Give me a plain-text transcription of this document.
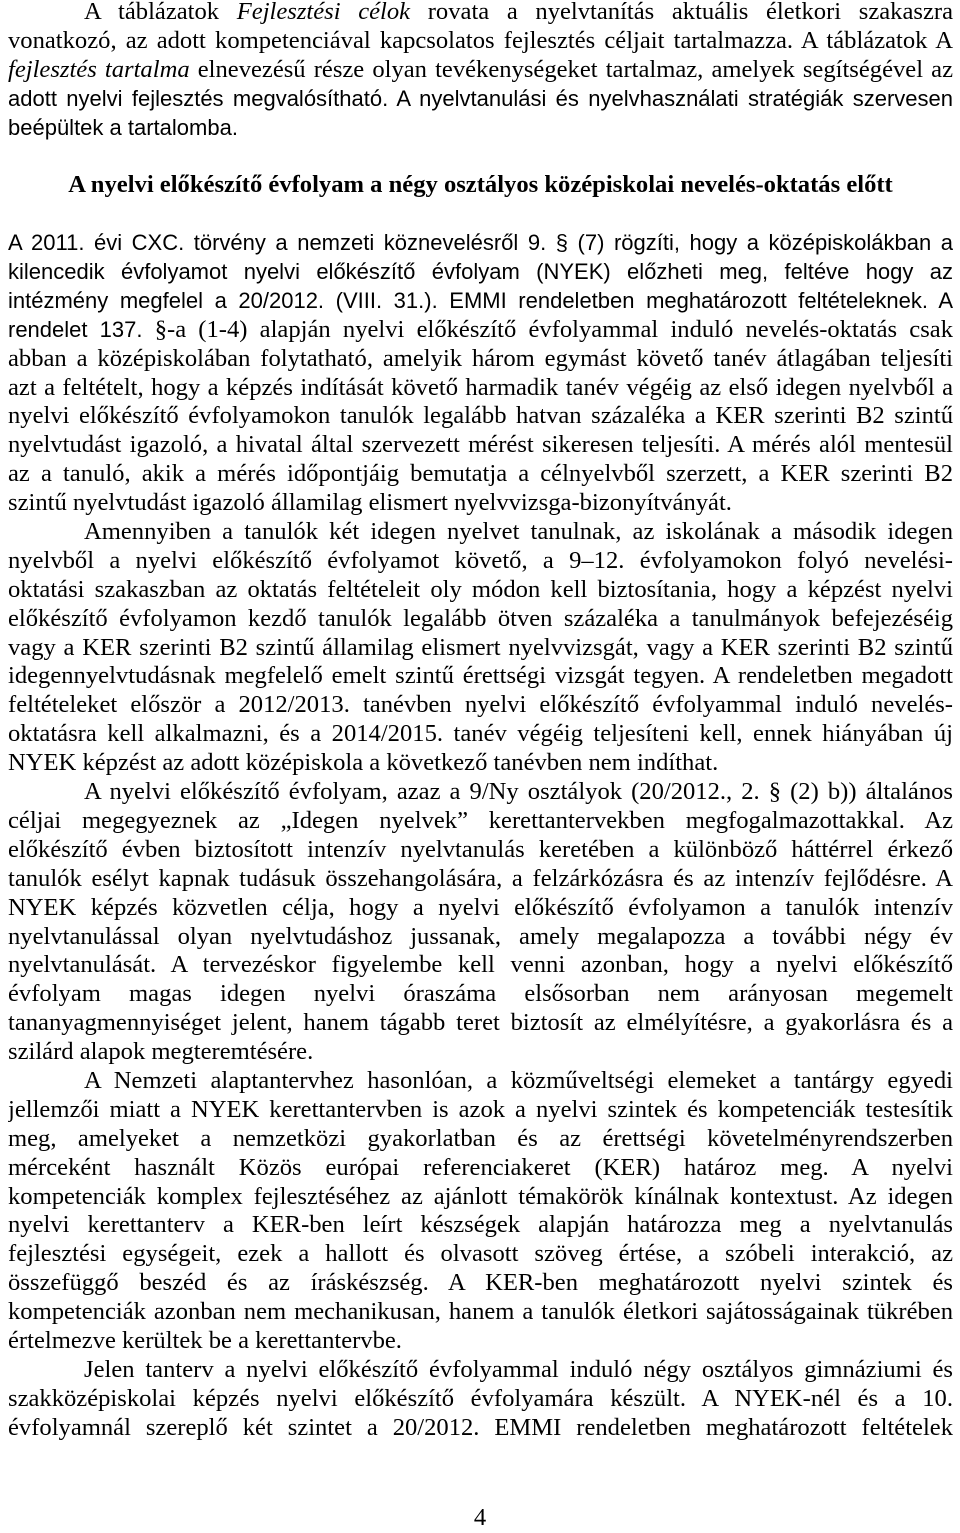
A táblázatok Fejlesztési célok rovata a nyelvtanítás aktuális életkori szakaszra
vonatkozó, az adott kompetenciával kapcsolatos fejlesztés céljait tartalmazza. A táblázatok A
fejlesztés tartalma elnevezésű része olyan tevékenységeket tartalmaz, amelyek segítségével az
adott nyelvi fejlesztés megvalósítható. A nyelvtanulási és nyelvhasználati stratégiák szervesen
beépültek a tartalomba.
A nyelvi előkészítő évfolyam a négy osztályos középiskolai nevelés-oktatás előtt
A 2011. évi CXC. törvény a nemzeti köznevelésről 9. § (7) rögzíti, hogy a középiskolákban a
kilencedik évfolyamot nyelvi előkészítő évfolyam (NYEK) előzheti meg, feltéve hogy az
intézmény megfelel a 20/2012. (VIII. 31.). EMMI rendeletben meghatározott feltételeknek. A
rendelet 137. §-a (1-4) alapján nyelvi előkészítő évfolyammal induló nevelés-oktatás csak
abban a középiskolában folytatható, amelyik három egymást követő tanév átlagában teljesíti
azt a feltételt, hogy a képzés indítását követő harmadik tanév végéig az első idegen nyelvből a
nyelvi előkészítő évfolyamokon tanulók legalább hatvan százaléka a KER szerinti B2 szintű
nyelvtudást igazoló, a hivatal által szervezett mérést sikeresen teljesíti. A mérés alól mentesül
az a tanuló, akik a mérés időpontjáig bemutatja a célnyelvből szerzett, a KER szerinti B2
szintű nyelvtudást igazoló államilag elismert nyelvvizsga-bizonyítványát.
Amennyiben a tanulók két idegen nyelvet tanulnak, az iskolának a második idegen
nyelvből a nyelvi előkészítő évfolyamot követő, a 9–12. évfolyamokon folyó nevelési-
oktatási szakaszban az oktatás feltételeit oly módon kell biztosítania, hogy a képzést nyelvi
előkészítő évfolyamon kezdő tanulók legalább ötven százaléka a tanulmányok befejezéséig
vagy a KER szerinti B2 szintű államilag elismert nyelvvizsgát, vagy a KER szerinti B2 szintű
idegennyelvtudásnak megfelelő emelt szintű érettségi vizsgát tegyen. A rendeletben megadott
feltételeket először a 2012/2013. tanévben nyelvi előkészítő évfolyammal induló nevelés-
oktatásra kell alkalmazni, és a 2014/2015. tanév végéig teljesíteni kell, ennek hiányában új
NYEK képzést az adott középiskola a következő tanévben nem indíthat.
A nyelvi előkészítő évfolyam, azaz a 9/Ny osztályok (20/2012., 2. § (2) b)) általános
céljai megegyeznek az „Idegen nyelvek” kerettantervekben megfogalmazottakkal. Az
előkészítő évben biztosított intenzív nyelvtanulás keretében a különböző háttérrel érkező
tanulók esélyt kapnak tudásuk összehangolására, a felzárkózásra és az intenzív fejlődésre. A
NYEK képzés közvetlen célja, hogy a nyelvi előkészítő évfolyamon a tanulók intenzív
nyelvtanulással olyan nyelvtudáshoz jussanak, amely megalapozza a további négy év
nyelvtanulását. A tervezéskor figyelembe kell venni azonban, hogy a nyelvi előkészítő
évfolyam magas idegen nyelvi óraszáma elsősorban nem arányosan megemelt
tananyagmennyiséget jelent, hanem tágabb teret biztosít az elmélyítésre, a gyakorlásra és a
szilárd alapok megteremtésére.
A Nemzeti alaptantervhez hasonlóan, a közműveltségi elemeket a tantárgy egyedi
jellemzői miatt a NYEK kerettantervben is azok a nyelvi szintek és kompetenciák testesítik
meg, amelyeket a nemzetközi gyakorlatban és az érettségi követelményrendszerben
mérceként használt Közös európai referenciakeret (KER) határoz meg. A nyelvi
kompetenciák komplex fejlesztéséhez az ajánlott témakörök kínálnak kontextust. Az idegen
nyelvi kerettanterv a KER-ben leírt készségek alapján határozza meg a nyelvtanulás
fejlesztési egységeit, ezek a hallott és olvasott szöveg értése, a szóbeli interakció, az
összefüggő beszéd és az íráskészség. A KER-ben meghatározott nyelvi szintek és
kompetenciák azonban nem mechanikusan, hanem a tanulók életkori sajátosságainak tükrében
értelmezve kerültek be a kerettantervbe.
Jelen tanterv a nyelvi előkészítő évfolyammal induló négy osztályos gimnáziumi és
szakközépiskolai képzés nyelvi előkészítő évfolyamára készült. A NYEK-nél és a 10.
évfolyamnál szereplő két szintet a 20/2012. EMMI rendeletben meghatározott feltételek
4
